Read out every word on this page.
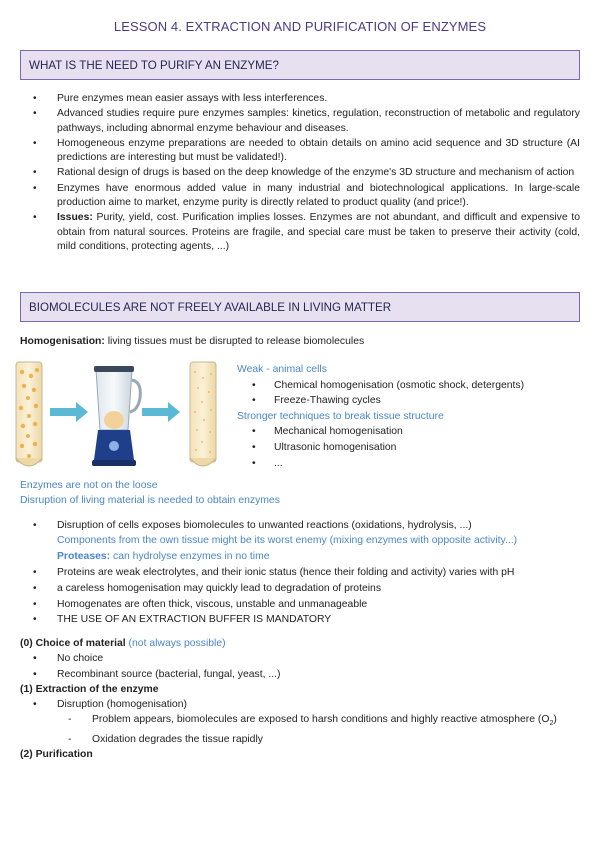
LESSON 4. EXTRACTION AND PURIFICATION OF ENZYMES
WHAT IS THE NEED TO PURIFY AN ENZYME?
• Pure enzymes mean easier assays with less interferences.
• Advanced studies require pure enzymes samples: kinetics, regulation, reconstruction of metabolic and regulatory pathways, including abnormal enzyme behaviour and diseases.
• Homogeneous enzyme preparations are needed to obtain details on amino acid sequence and 3D structure (AI predictions are interesting but must be validated!).
• Rational design of drugs is based on the deep knowledge of the enzyme's 3D structure and mechanism of action
• Enzymes have enormous added value in many industrial and biotechnological applications. In large-scale production aime to market, enzyme purity is directly related to product quality (and price!).
• Issues: Purity, yield, cost. Purification implies losses. Enzymes are not abundant, and difficult and expensive to obtain from natural sources. Proteins are fragile, and special care must be taken to preserve their activity (cold, mild conditions, protecting agents, ...)
BIOMOLECULES ARE NOT FREELY AVAILABLE IN LIVING MATTER
Homogenisation: living tissues must be disrupted to release biomolecules
Weak - animal cells
• Chemical homogenisation (osmotic shock, detergents)
• Freeze-Thawing cycles
Stronger techniques to break tissue structure
• Mechanical homogenisation
• Ultrasonic homogenisation
• ...
Enzymes are not on the loose
Disruption of living material is needed to obtain enzymes
• Disruption of cells exposes biomolecules to unwanted reactions (oxidations, hydrolysis, ...)
Components from the own tissue might be its worst enemy (mixing enzymes with opposite activity...)
Proteases: can hydrolyse enzymes in no time
• Proteins are weak electrolytes, and their ionic status (hence their folding and activity) varies with pH
• a careless homogenisation may quickly lead to degradation of proteins
• Homogenates are often thick, viscous, unstable and unmanageable
• THE USE OF AN EXTRACTION BUFFER IS MANDATORY
(0) Choice of material (not always possible)
• No choice
• Recombinant source (bacterial, fungal, yeast, ...)
(1) Extraction of the enzyme
• Disruption (homogenisation)
- Problem appears, biomolecules are exposed to harsh conditions and highly reactive atmosphere $(O_2)$
- Oxidation degrades the tissue rapidly
(2) Purification
